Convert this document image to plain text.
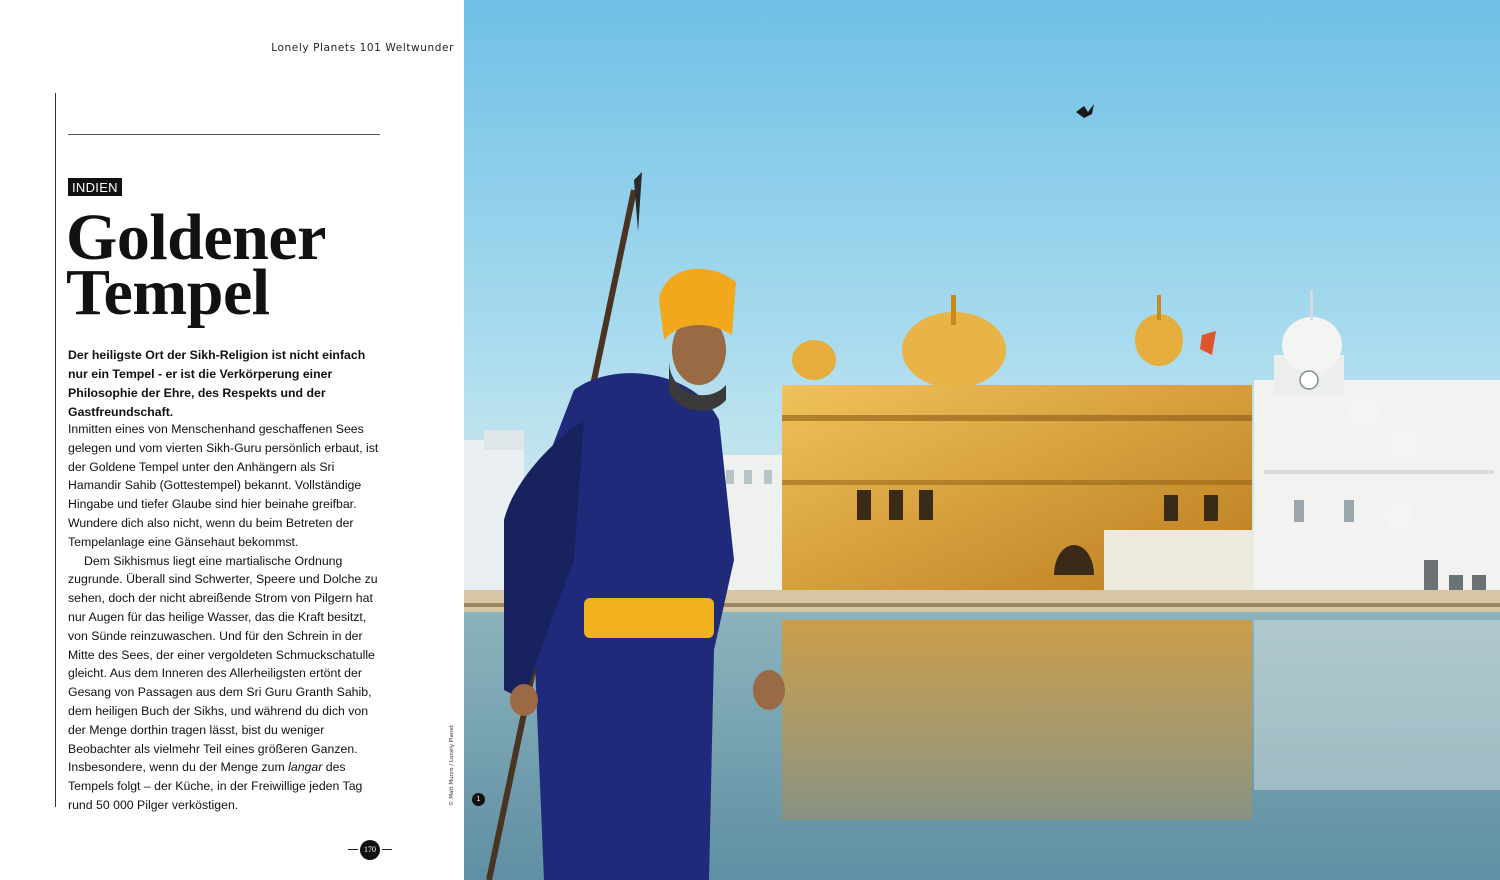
Lonely Planets 101 Weltwunder
INDIEN
Goldener
Tempel

Der heiligste Ort der Sikh-Religion ist nicht einfach nur ein Tempel - er ist die Verkörperung einer Philosophie der Ehre, des Respekts und der Gastfreundschaft.

Inmitten eines von Menschenhand geschaffenen Sees gelegen und vom vierten Sikh-Guru persönlich erbaut, ist der Goldene Tempel unter den Anhängern als Sri Hamandir Sahib (Gottestempel) bekannt. Vollständige Hingabe und tiefer Glaube sind hier beinahe greifbar. Wundere dich also nicht, wenn du beim Betreten der Tempelanlage eine Gänsehaut bekommst.

Dem Sikhismus liegt eine martialische Ordnung zugrunde. Überall sind Schwerter, Speere und Dolche zu sehen, doch der nicht abreißende Strom von Pilgern hat nur Augen für das heilige Wasser, das die Kraft besitzt, von Sünde reinzuwaschen. Und für den Schrein in der Mitte des Sees, der einer vergoldeten Schmuckschatulle gleicht. Aus dem Inneren des Allerheiligsten ertönt der Gesang von Passagen aus dem Sri Guru Granth Sahib, dem heiligen Buch der Sikhs, und während du dich von der Menge dorthin tragen lässt, bist du weniger Beobachter als vielmehr Teil eines größeren Ganzen. Insbesondere, wenn du der Menge zum langar des Tempels folgt – der Küche, in der Freiwillige jeden Tag rund 50 000 Pilger verköstigen.

170
© Matt Munro / Lonely Planet	1
